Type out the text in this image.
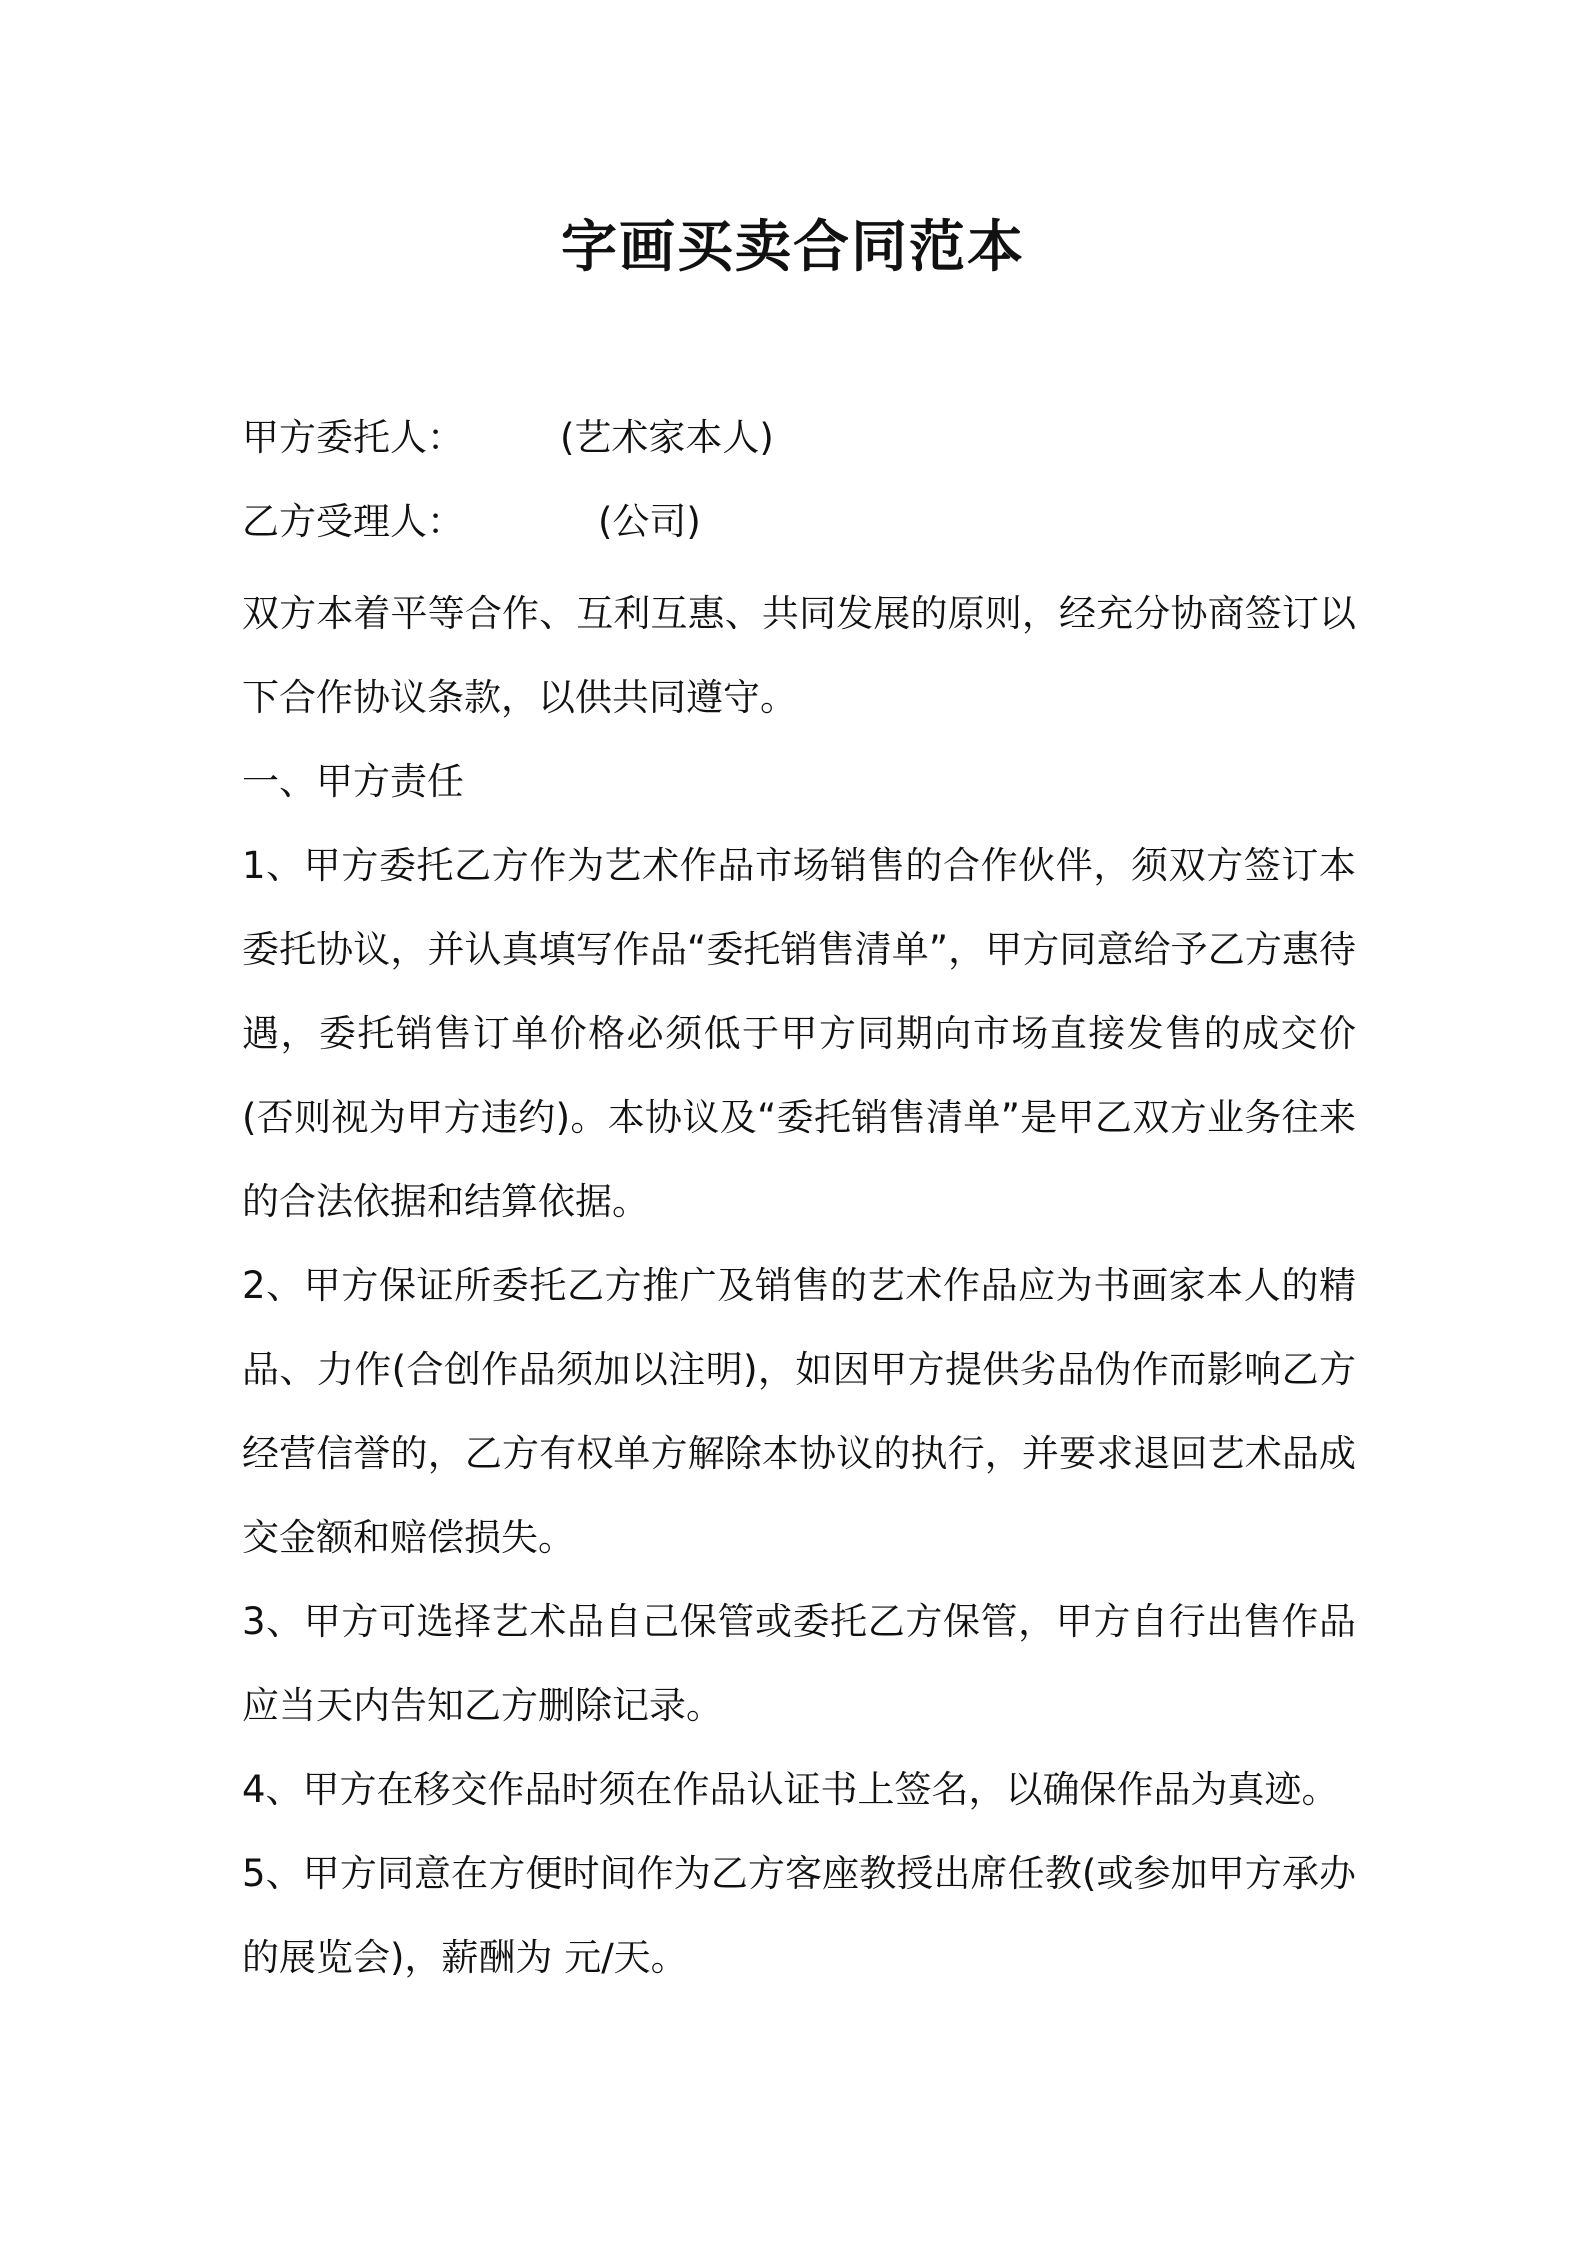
字画买卖合同范本
甲方委托人：	(艺术家本人)
乙方受理人：	(公司)

双方本着平等合作、互利互惠、共同发展的原则，经充分协商签订以下合作协议条款，以供共同遵守。

一、甲方责任

1、甲方委托乙方作为艺术作品市场销售的合作伙伴，须双方签订本委托协议，并认真填写作品“委托销售清单”，甲方同意给予乙方惠待遇，委托销售订单价格必须低于甲方同期向市场直接发售的成交价(否则视为甲方违约)。本协议及“委托销售清单”是甲乙双方业务往来的合法依据和结算依据。

2、甲方保证所委托乙方推广及销售的艺术作品应为书画家本人的精品、力作(合创作品须加以注明)，如因甲方提供劣品伪作而影响乙方经营信誉的，乙方有权单方解除本协议的执行，并要求退回艺术品成交金额和赔偿损失。

3、甲方可选择艺术品自己保管或委托乙方保管，甲方自行出售作品应当天内告知乙方删除记录。

4、甲方在移交作品时须在作品认证书上签名，以确保作品为真迹。

5、甲方同意在方便时间作为乙方客座教授出席任教(或参加甲方承办的展览会)，薪酬为 元/天。
